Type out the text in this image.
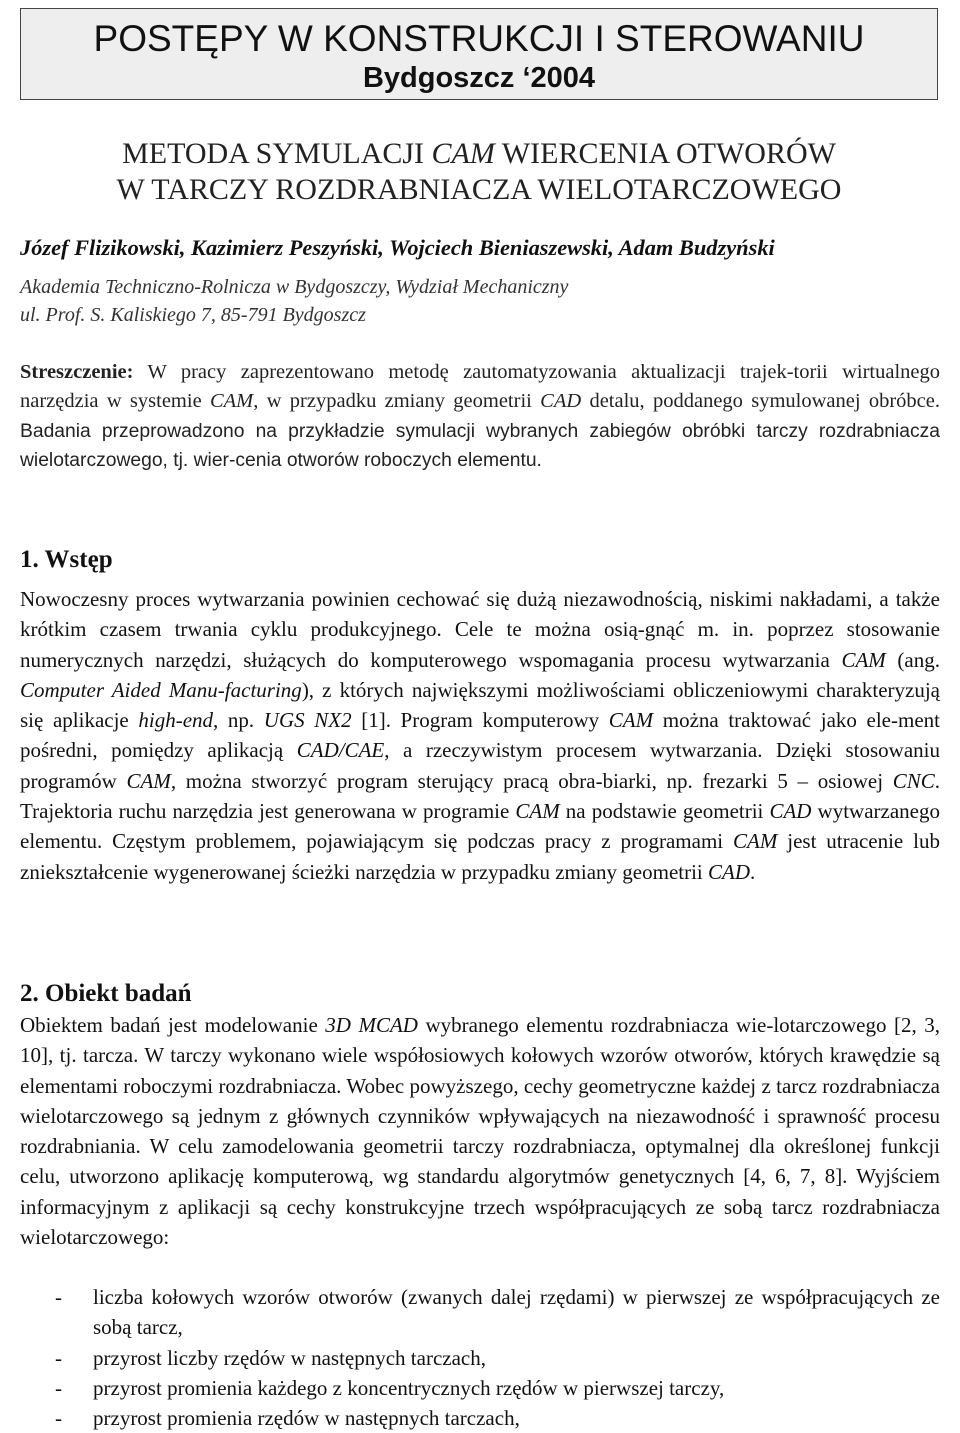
POSTĘPY W KONSTRUKCJI I STEROWANIU
Bydgoszcz ‘2004
METODA SYMULACJI CAM WIERCENIA OTWORÓW
W TARCZY ROZDRABNIACZA WIELOTARCZOWEGO
Józef Flizikowski, Kazimierz Peszyński, Wojciech Bieniaszewski, Adam Budzyński
Akademia Techniczno-Rolnicza w Bydgoszczy, Wydział Mechaniczny
ul. Prof. S. Kaliskiego 7, 85-791 Bydgoszcz
Streszczenie: W pracy zaprezentowano metodę zautomatyzowania aktualizacji trajek-torii wirtualnego narzędzia w systemie CAM, w przypadku zmiany geometrii CAD detalu, poddanego symulowanej obróbce. Badania przeprowadzono na przykładzie symulacji wybranych zabiegów obróbki tarczy rozdrabniacza wielotarczowego, tj. wier-cenia otworów roboczych elementu.
1. Wstęp
Nowoczesny proces wytwarzania powinien cechować się dużą niezawodnością, niskimi nakładami, a także krótkim czasem trwania cyklu produkcyjnego. Cele te można osią-gnąć m. in. poprzez stosowanie numerycznych narzędzi, służących do komputerowego wspomagania procesu wytwarzania CAM (ang. Computer Aided Manu-facturing), z których największymi możliwościami obliczeniowymi charakteryzują się aplikacje high-end, np. UGS NX2 [1]. Program komputerowy CAM można traktować jako ele-ment pośredni, pomiędzy aplikacją CAD/CAE, a rzeczywistym procesem wytwarzania. Dzięki stosowaniu programów CAM, można stworzyć program sterujący pracą obra-biarki, np. frezarki 5 – osiowej CNC. Trajektoria ruchu narzędzia jest generowana w programie CAM na podstawie geometrii CAD wytwarzanego elementu. Częstym problemem, pojawiającym się podczas pracy z programami CAM jest utracenie lub zniekształcenie wygenerowanej ścieżki narzędzia w przypadku zmiany geometrii CAD.
2. Obiekt badań
Obiektem badań jest modelowanie 3D MCAD wybranego elementu rozdrabniacza wie-lotarczowego [2, 3, 10], tj. tarcza. W tarczy wykonano wiele współosiowych kołowych wzorów otworów, których krawędzie są elementami roboczymi rozdrabniacza. Wobec powyższego, cechy geometryczne każdej z tarcz rozdrabniacza wielotarczowego są jednym z głównych czynników wpływających na niezawodność i sprawność procesu rozdrabniania. W celu zamodelowania geometrii tarczy rozdrabniacza, optymalnej dla określonej funkcji celu, utworzono aplikację komputerową, wg standardu algorytmów genetycznych [4, 6, 7, 8]. Wyjściem informacyjnym z aplikacji są cechy konstrukcyjne trzech współpracujących ze sobą tarcz rozdrabniacza wielotarczowego:
- liczba kołowych wzorów otworów (zwanych dalej rzędami) w pierwszej ze współpracujących ze sobą tarcz,
- przyrost liczby rzędów w następnych tarczach,
- przyrost promienia każdego z koncentrycznych rzędów w pierwszej tarczy,
- przyrost promienia rzędów w następnych tarczach,
